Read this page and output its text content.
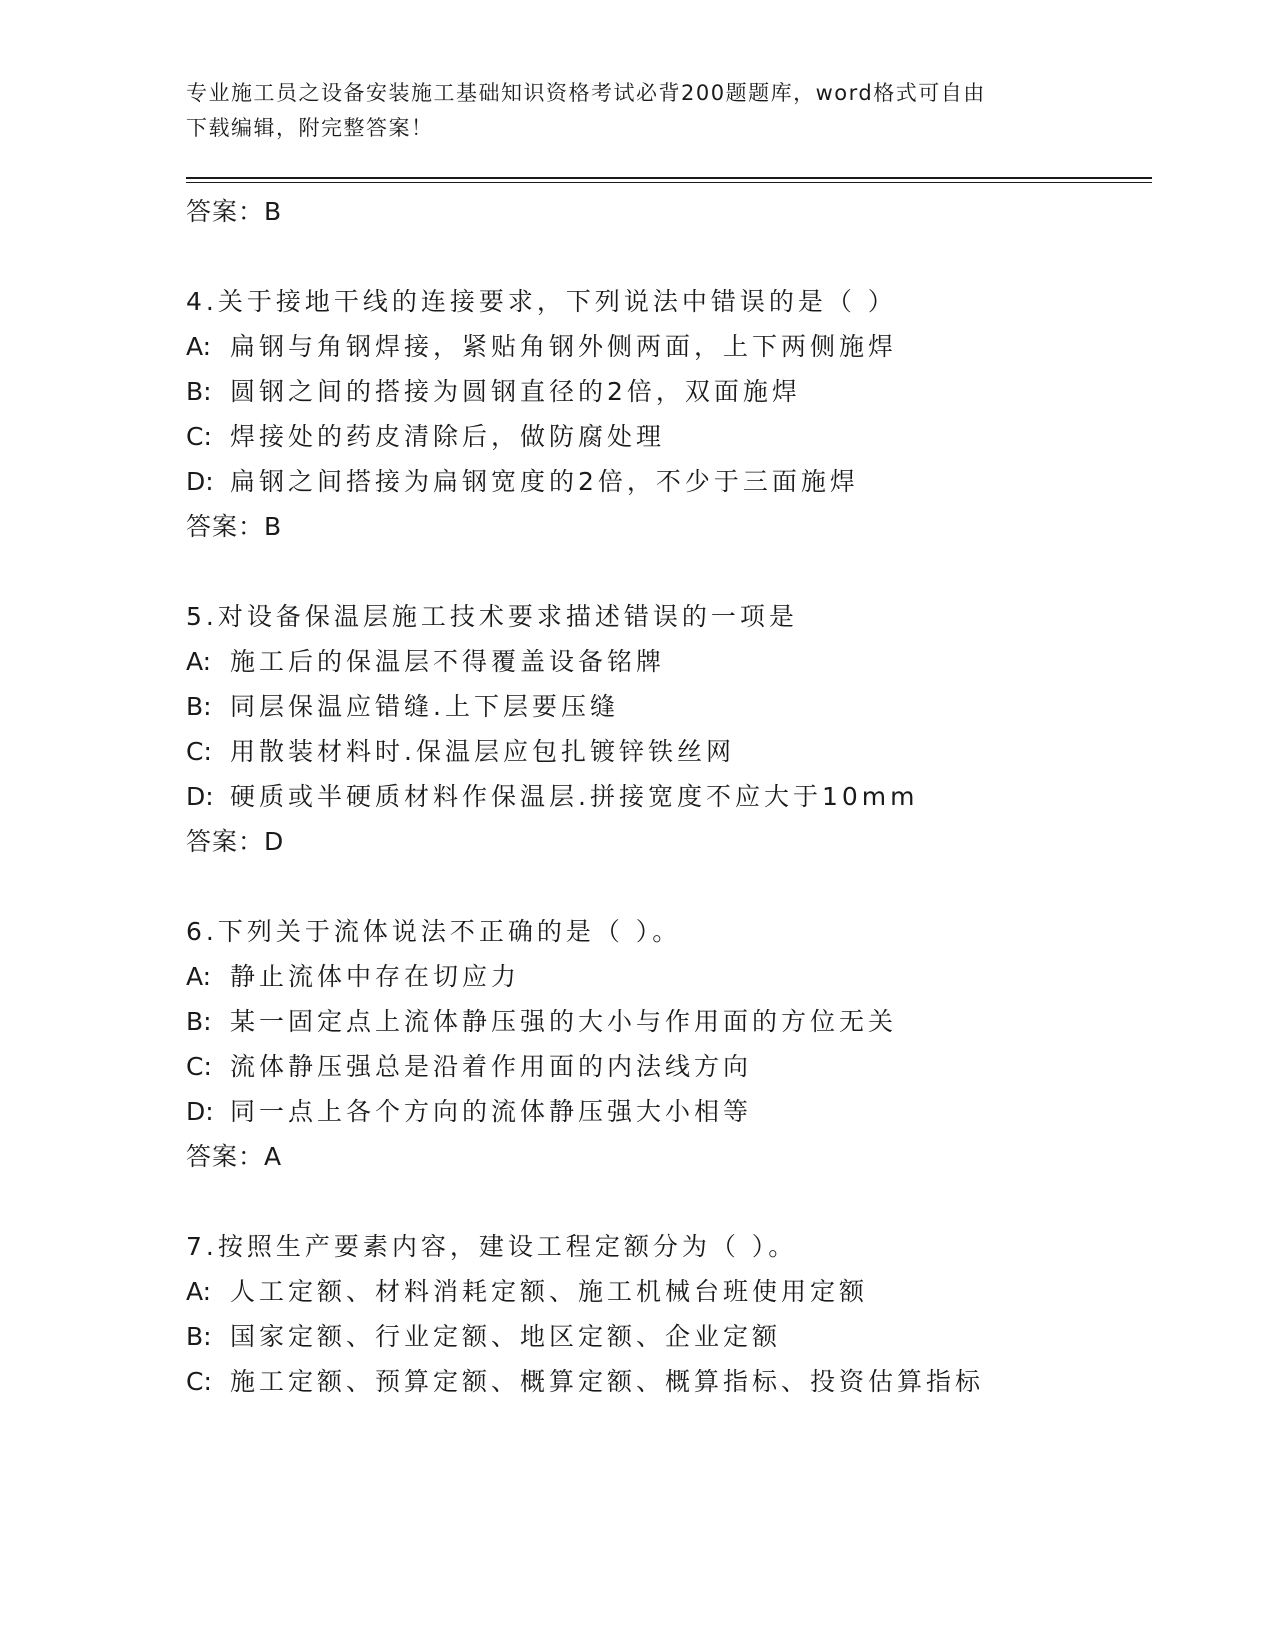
专业施工员之设备安装施工基础知识资格考试必背200题题库，word格式可自由
下载编辑，附完整答案！
答案：B
4.关于接地干线的连接要求，下列说法中错误的是（ ）
A: 扁钢与角钢焊接，紧贴角钢外侧两面，上下两侧施焊
B: 圆钢之间的搭接为圆钢直径的2倍，双面施焊
C: 焊接处的药皮清除后，做防腐处理
D: 扁钢之间搭接为扁钢宽度的2倍，不少于三面施焊
答案：B
5.对设备保温层施工技术要求描述错误的一项是
A: 施工后的保温层不得覆盖设备铭牌
B: 同层保温应错缝.上下层要压缝
C: 用散装材料时.保温层应包扎镀锌铁丝网
D: 硬质或半硬质材料作保温层.拼接宽度不应大于10mm
答案：D
6.下列关于流体说法不正确的是（ ）。
A: 静止流体中存在切应力
B: 某一固定点上流体静压强的大小与作用面的方位无关
C: 流体静压强总是沿着作用面的内法线方向
D: 同一点上各个方向的流体静压强大小相等
答案：A
7.按照生产要素内容，建设工程定额分为（ ）。
A: 人工定额、材料消耗定额、施工机械台班使用定额
B: 国家定额、行业定额、地区定额、企业定额
C: 施工定额、预算定额、概算定额、概算指标、投资估算指标
